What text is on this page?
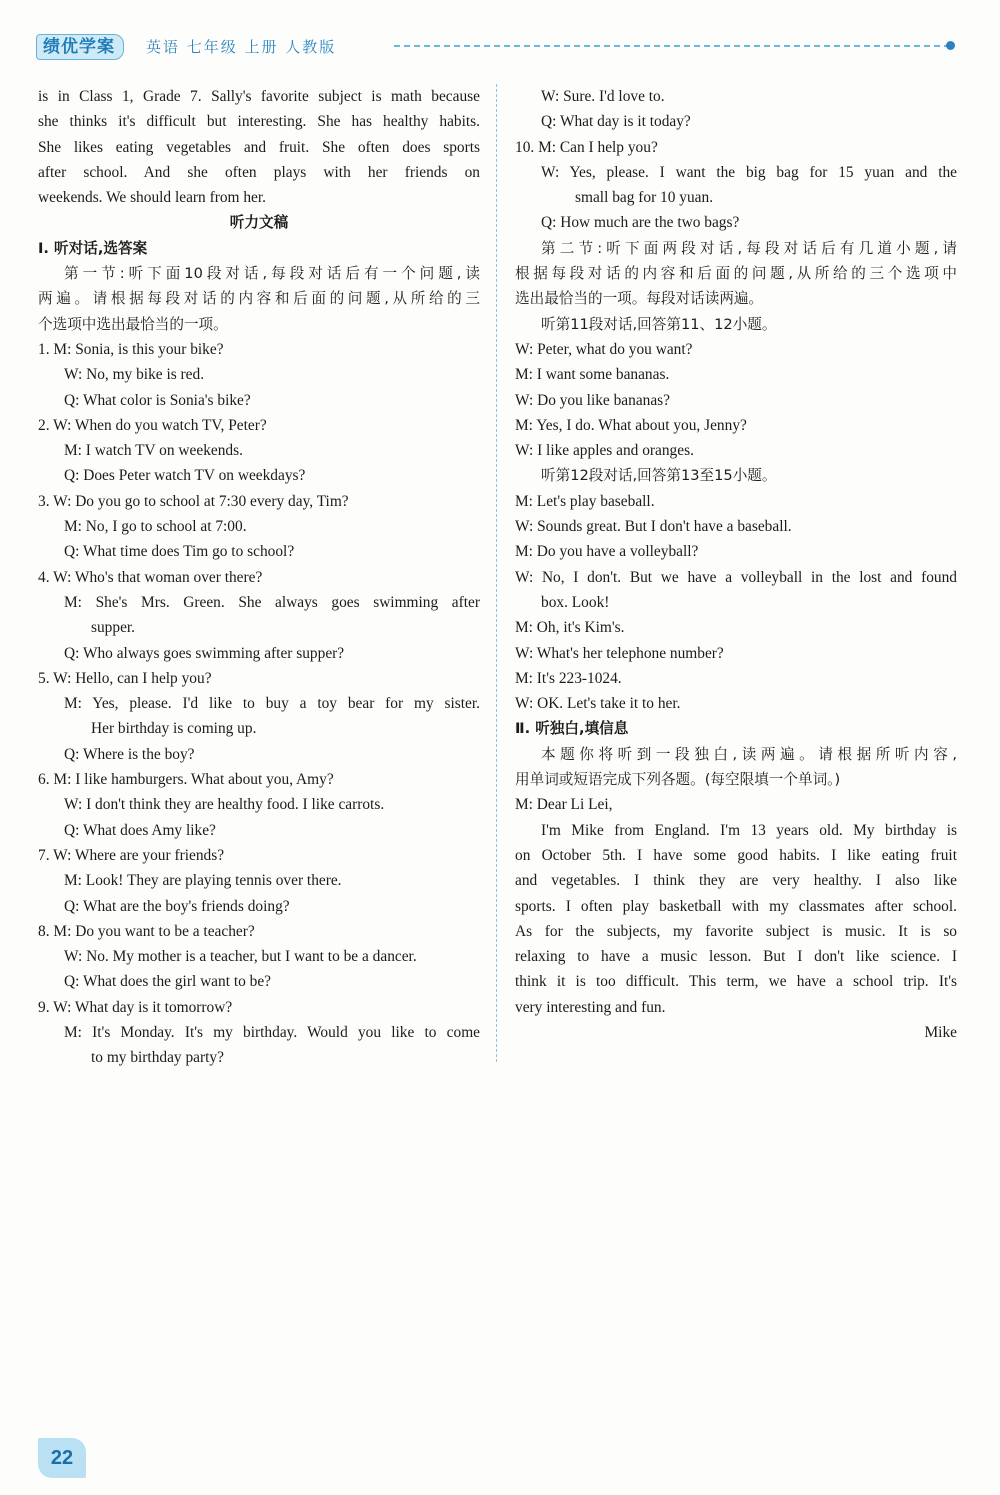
绩优学案	英语 七年级 上册 人教版
is in Class 1, Grade 7. Sally's favorite subject is math because
she thinks it's difficult but interesting. She has healthy habits.
She likes eating vegetables and fruit. She often does sports
after school. And she often plays with her friends on
weekends. We should learn from her.
听力文稿
Ⅰ. 听对话,选答案
第一节:听下面10段对话,每段对话后有一个问题,读
两遍。请根据每段对话的内容和后面的问题,从所给的三
个选项中选出最恰当的一项。
1. M: Sonia, is this your bike?
W: No, my bike is red.
Q: What color is Sonia's bike?
2. W: When do you watch TV, Peter?
M: I watch TV on weekends.
Q: Does Peter watch TV on weekdays?
3. W: Do you go to school at 7:30 every day, Tim?
M: No, I go to school at 7:00.
Q: What time does Tim go to school?
4. W: Who's that woman over there?
M: She's Mrs. Green. She always goes swimming after
supper.
Q: Who always goes swimming after supper?
5. W: Hello, can I help you?
M: Yes, please. I'd like to buy a toy bear for my sister.
Her birthday is coming up.
Q: Where is the boy?
6. M: I like hamburgers. What about you, Amy?
W: I don't think they are healthy food. I like carrots.
Q: What does Amy like?
7. W: Where are your friends?
M: Look! They are playing tennis over there.
Q: What are the boy's friends doing?
8. M: Do you want to be a teacher?
W: No. My mother is a teacher, but I want to be a dancer.
Q: What does the girl want to be?
9. W: What day is it tomorrow?
M: It's Monday. It's my birthday. Would you like to come
to my birthday party?
W: Sure. I'd love to.
Q: What day is it today?
10. M: Can I help you?
W: Yes, please. I want the big bag for 15 yuan and the
small bag for 10 yuan.
Q: How much are the two bags?
第二节:听下面两段对话,每段对话后有几道小题,请
根据每段对话的内容和后面的问题,从所给的三个选项中
选出最恰当的一项。每段对话读两遍。
听第11段对话,回答第11、12小题。
W: Peter, what do you want?
M: I want some bananas.
W: Do you like bananas?
M: Yes, I do. What about you, Jenny?
W: I like apples and oranges.
听第12段对话,回答第13至15小题。
M: Let's play baseball.
W: Sounds great. But I don't have a baseball.
M: Do you have a volleyball?
W: No, I don't. But we have a volleyball in the lost and found
box. Look!
M: Oh, it's Kim's.
W: What's her telephone number?
M: It's 223-1024.
W: OK. Let's take it to her.
Ⅱ. 听独白,填信息
本题你将听到一段独白,读两遍。请根据所听内容,
用单词或短语完成下列各题。(每空限填一个单词。)
M: Dear Li Lei,
I'm Mike from England. I'm 13 years old. My birthday is
on October 5th. I have some good habits. I like eating fruit
and vegetables. I think they are very healthy. I also like
sports. I often play basketball with my classmates after school.
As for the subjects, my favorite subject is music. It is so
relaxing to have a music lesson. But I don't like science. I
think it is too difficult. This term, we have a school trip. It's
very interesting and fun.
Mike
22
